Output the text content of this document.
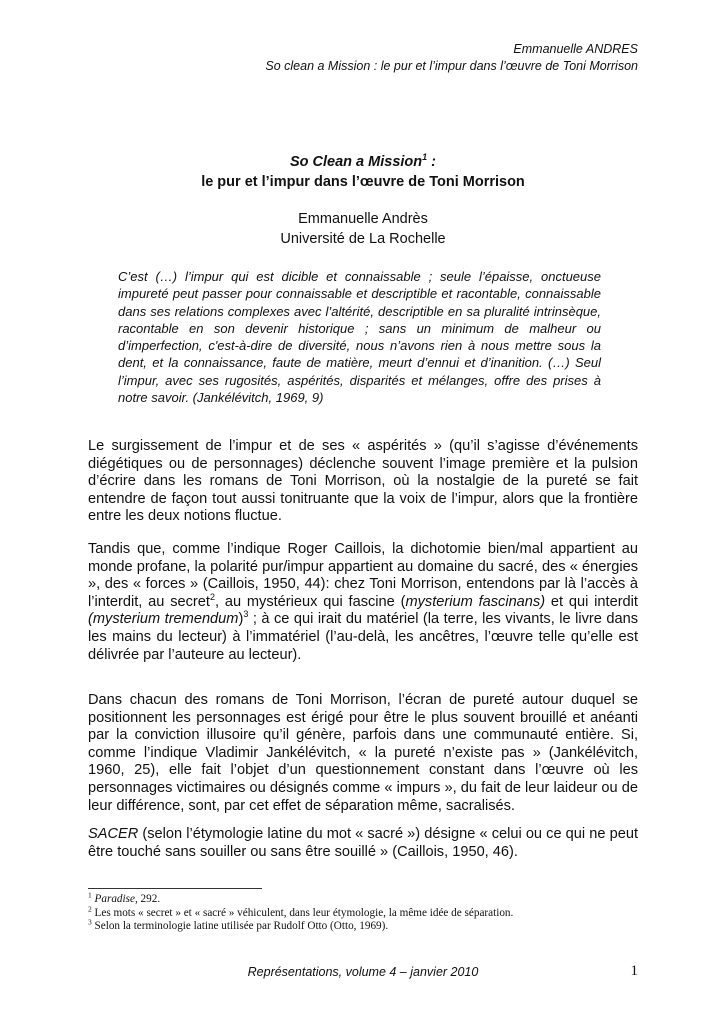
Emmanuelle ANDRES
So clean a Mission : le pur et l’impur dans l’œuvre de Toni Morrison
So Clean a Mission$^1$ :
le pur et l’impur dans l’œuvre de Toni Morrison
Emmanuelle Andrès
Université de La Rochelle
C’est (…) l’impur qui est dicible et connaissable ; seule l’épaisse, onctueuse impureté peut passer pour connaissable et descriptible et racontable, connaissable dans ses relations complexes avec l’altérité, descriptible en sa pluralité intrinsèque, racontable en son devenir historique ; sans un minimum de malheur ou d’imperfection, c'est-à-dire de diversité, nous n’avons rien à nous mettre sous la dent, et la connaissance, faute de matière, meurt d’ennui et d’inanition. (…) Seul l’impur, avec ses rugosités, aspérités, disparités et mélanges, offre des prises à notre savoir. (Jankélévitch, 1969, 9)
Le surgissement de l’impur et de ses « aspérités » (qu’il s’agisse d’événements diégétiques ou de personnages) déclenche souvent l’image première et la pulsion d’écrire dans les romans de Toni Morrison, où la nostalgie de la pureté se fait entendre de façon tout aussi tonitruante que la voix de l’impur, alors que la frontière entre les deux notions fluctue.
Tandis que, comme l’indique Roger Caillois, la dichotomie bien/mal appartient au monde profane, la polarité pur/impur appartient au domaine du sacré, des « énergies », des « forces » (Caillois, 1950, 44): chez Toni Morrison, entendons par là l’accès à l’interdit, au secret$^2$, au mystérieux qui fascine (mysterium fascinans) et qui interdit (mysterium tremendum)$^3$ ; à ce qui irait du matériel (la terre, les vivants, le livre dans les mains du lecteur) à l’immatériel (l’au-delà, les ancêtres, l’œuvre telle qu’elle est délivrée par l’auteure au lecteur).
Dans chacun des romans de Toni Morrison, l’écran de pureté autour duquel se positionnent les personnages est érigé pour être le plus souvent brouillé et anéanti par la conviction illusoire qu’il génère, parfois dans une communauté entière. Si, comme l’indique Vladimir Jankélévitch, « la pureté n’existe pas » (Jankélévitch, 1960, 25), elle fait l’objet d’un questionnement constant dans l’œuvre où les personnages victimaires ou désignés comme « impurs », du fait de leur laideur ou de leur différence, sont, par cet effet de séparation même, sacralisés.
SACER (selon l’étymologie latine du mot « sacré ») désigne « celui ou ce qui ne peut être touché sans souiller ou sans être souillé » (Caillois, 1950, 46).
$^1$ Paradise, 292.
$^2$ Les mots « secret » et « sacré » véhiculent, dans leur étymologie, la même idée de séparation.
$^3$ Selon la terminologie latine utilisée par Rudolf Otto (Otto, 1969).
Représentations, volume 4 – janvier 2010	1
